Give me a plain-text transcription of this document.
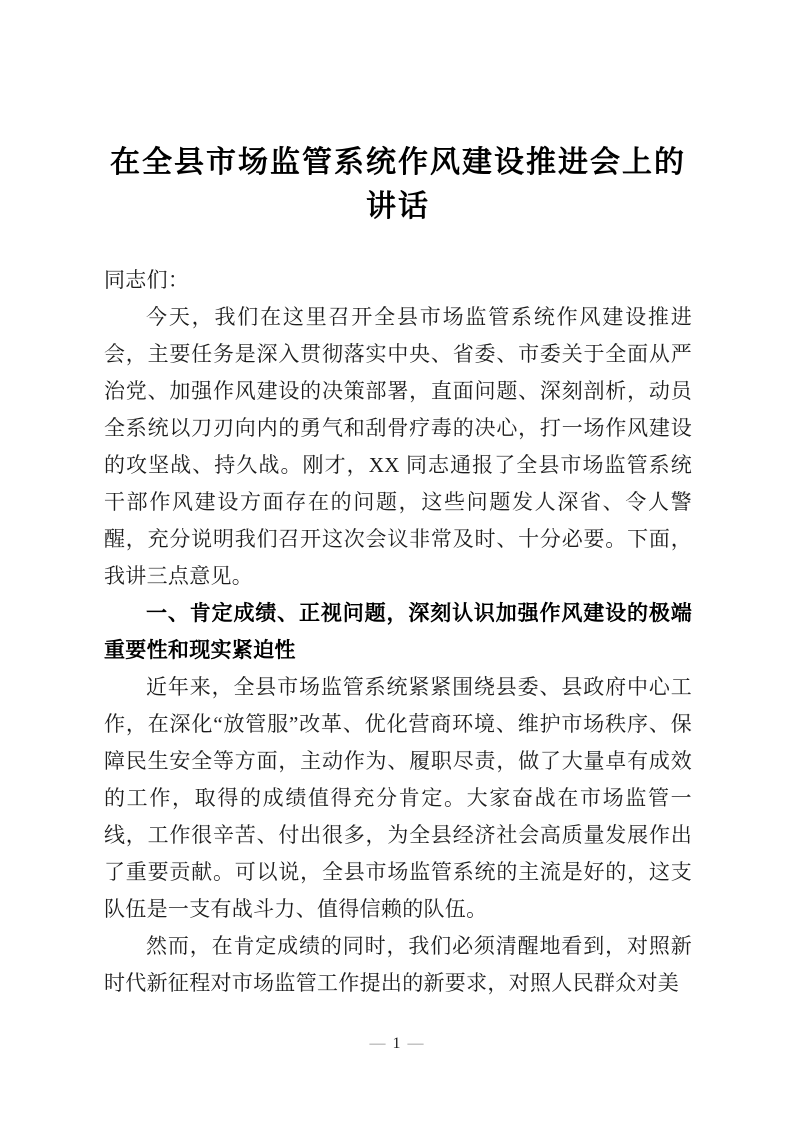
在全县市场监管系统作风建设推进会上的讲话

同志们：

今天，我们在这里召开全县市场监管系统作风建设推进会，主要任务是深入贯彻落实中央、省委、市委关于全面从严治党、加强作风建设的决策部署，直面问题、深刻剖析，动员全系统以刀刃向内的勇气和刮骨疗毒的决心，打一场作风建设的攻坚战、持久战。刚才，XX 同志通报了全县市场监管系统干部作风建设方面存在的问题，这些问题发人深省、令人警醒，充分说明我们召开这次会议非常及时、十分必要。下面，我讲三点意见。

一、肯定成绩、正视问题，深刻认识加强作风建设的极端重要性和现实紧迫性

近年来，全县市场监管系统紧紧围绕县委、县政府中心工作，在深化“放管服”改革、优化营商环境、维护市场秩序、保障民生安全等方面，主动作为、履职尽责，做了大量卓有成效的工作，取得的成绩值得充分肯定。大家奋战在市场监管一线，工作很辛苦、付出很多，为全县经济社会高质量发展作出了重要贡献。可以说，全县市场监管系统的主流是好的，这支队伍是一支有战斗力、值得信赖的队伍。

然而，在肯定成绩的同时，我们必须清醒地看到，对照新时代新征程对市场监管工作提出的新要求，对照人民群众对美

— 1 —
